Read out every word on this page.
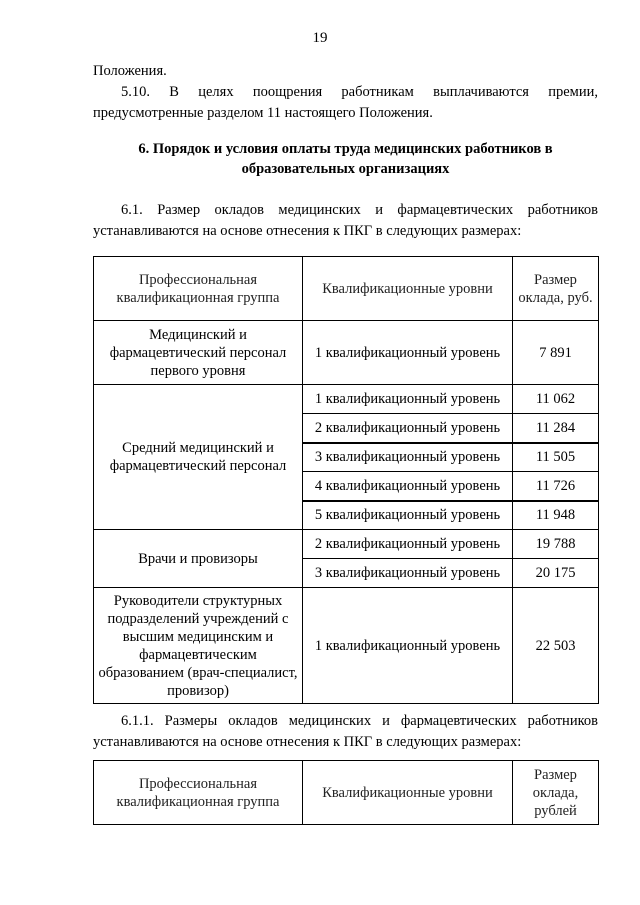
19
Положения.
5.10. В целях поощрения работникам выплачиваются премии,
предусмотренные разделом 11 настоящего Положения.
6. Порядок и условия оплаты труда медицинских работников в
образовательных организациях
6.1. Размер окладов медицинских и фармацевтических работников
устанавливаются на основе отнесения к ПКГ в следующих размерах:
Профессиональная квалификационная группа	Квалификационные уровни	Размер оклада, руб.
Медицинский и фармацевтический персонал первого уровня	1 квалификационный уровень	7 891
Средний медицинский и фармацевтический персонал	1 квалификационный уровень	11 062
	2 квалификационный уровень	11 284
	3 квалификационный уровень	11 505
	4 квалификационный уровень	11 726
	5 квалификационный уровень	11 948
Врачи и провизоры	2 квалификационный уровень	19 788
	3 квалификационный уровень	20 175
Руководители структурных подразделений учреждений с высшим медицинским и фармацевтическим образованием (врач-специалист, провизор)	1 квалификационный уровень	22 503
6.1.1. Размеры окладов медицинских и фармацевтических работников
устанавливаются на основе отнесения к ПКГ в следующих размерах:
Профессиональная квалификационная группа	Квалификационные уровни	Размер оклада, рублей
